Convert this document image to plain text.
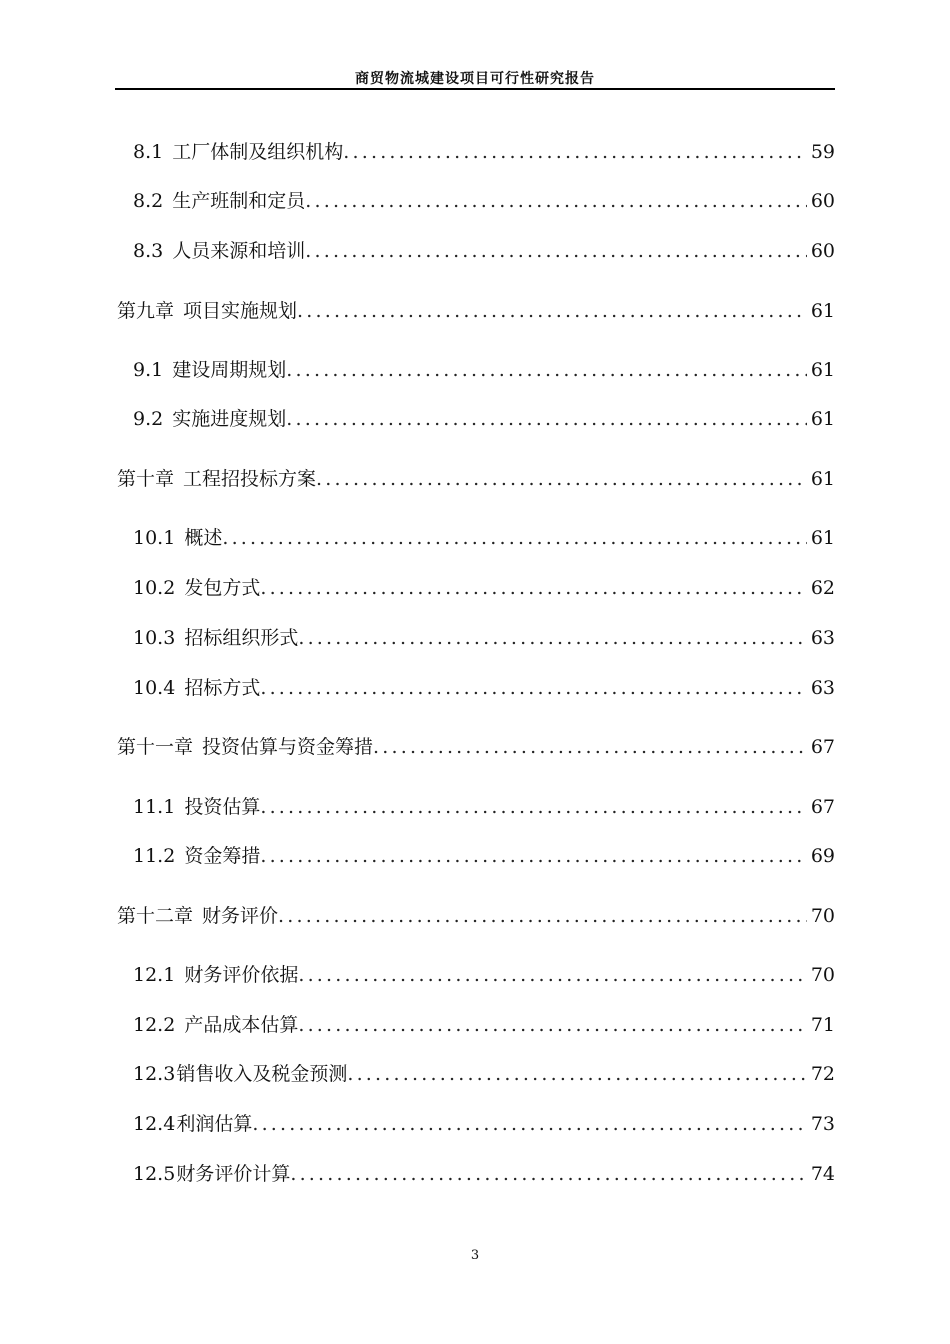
商贸物流城建设项目可行性研究报告
8.1 工厂体制及组织机构 .....	59
8.2 生产班制和定员 .....	60
8.3 人员来源和培训 .....	60
第九章 项目实施规划 .....	61
9.1 建设周期规划 .....	61
9.2 实施进度规划 .....	61
第十章 工程招投标方案 .....	61
10.1 概述 .....	61
10.2 发包方式 .....	62
10.3 招标组织形式 .....	63
10.4 招标方式 .....	63
第十一章 投资估算与资金筹措 .....	67
11.1 投资估算 .....	67
11.2 资金筹措 .....	69
第十二章 财务评价 .....	70
12.1 财务评价依据 .....	70
12.2 产品成本估算 .....	71
12.3 销售收入及税金预测 .....	72
12.4 利润估算 .....	73
12.5 财务评价计算 .....	74
3
